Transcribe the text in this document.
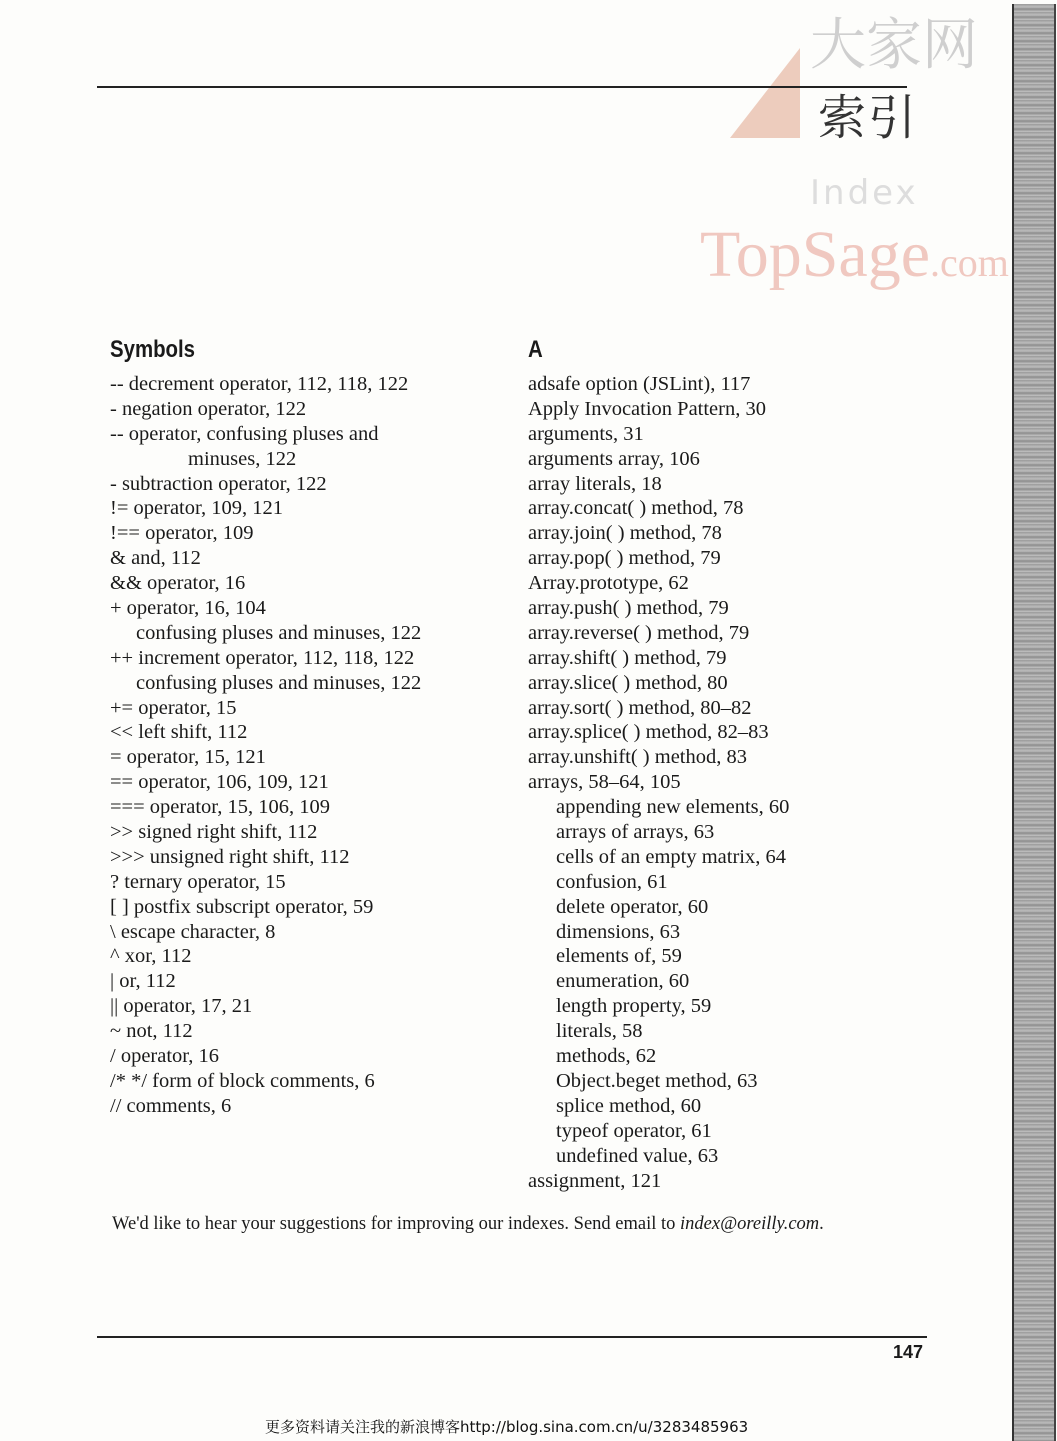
大家网
TopSage.com
索引
Index
Symbols
-- decrement operator, 112, 118, 122
- negation operator, 122
-- operator, confusing pluses and
minuses, 122
- subtraction operator, 122
!= operator, 109, 121
!== operator, 109
& and, 112
&& operator, 16
+ operator, 16, 104
confusing pluses and minuses, 122
++ increment operator, 112, 118, 122
confusing pluses and minuses, 122
+= operator, 15
<< left shift, 112
= operator, 15, 121
== operator, 106, 109, 121
=== operator, 15, 106, 109
>> signed right shift, 112
>>> unsigned right shift, 112
? ternary operator, 15
[ ] postfix subscript operator, 59
\ escape character, 8
^ xor, 112
| or, 112
|| operator, 17, 21
~ not, 112
/ operator, 16
/* */ form of block comments, 6
// comments, 6
A
adsafe option (JSLint), 117
Apply Invocation Pattern, 30
arguments, 31
arguments array, 106
array literals, 18
array.concat( ) method, 78
array.join( ) method, 78
array.pop( ) method, 79
Array.prototype, 62
array.push( ) method, 79
array.reverse( ) method, 79
array.shift( ) method, 79
array.slice( ) method, 80
array.sort( ) method, 80–82
array.splice( ) method, 82–83
array.unshift( ) method, 83
arrays, 58–64, 105
appending new elements, 60
arrays of arrays, 63
cells of an empty matrix, 64
confusion, 61
delete operator, 60
dimensions, 63
elements of, 59
enumeration, 60
length property, 59
literals, 58
methods, 62
Object.beget method, 63
splice method, 60
typeof operator, 61
undefined value, 63
assignment, 121
We'd like to hear your suggestions for improving our indexes. Send email to index@oreilly.com.
147
更多资料请关注我的新浪博客http://blog.sina.com.cn/u/3283485963
